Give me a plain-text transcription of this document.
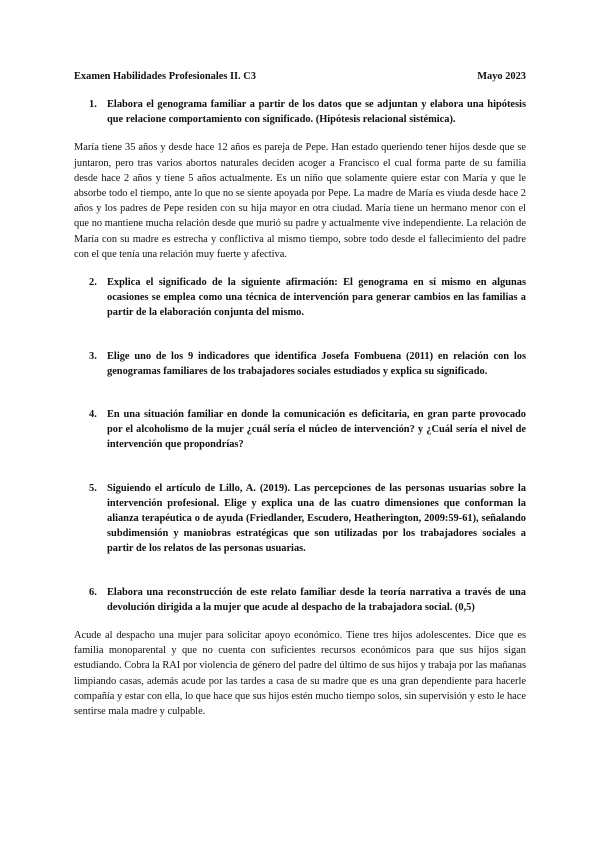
Examen Habilidades Profesionales II. C3	Mayo 2023
1. Elabora el genograma familiar a partir de los datos que se adjuntan y elabora una hipótesis que relacione comportamiento con significado. (Hipótesis relacional sistémica).
María tiene 35 años y desde hace 12 años es pareja de Pepe. Han estado queriendo tener hijos desde que se juntaron, pero tras varios abortos naturales deciden acoger a Francisco el cual forma parte de su familia desde hace 2 años y tiene 5 años actualmente. Es un niño que solamente quiere estar con María y que le absorbe todo el tiempo, ante lo que no se siente apoyada por Pepe. La madre de María es viuda desde hace 2 años y los padres de Pepe residen con su hija mayor en otra ciudad. María tiene un hermano menor con el que no mantiene mucha relación desde que murió su padre y actualmente vive independiente. La relación de María con su madre es estrecha y conflictiva al mismo tiempo, sobre todo desde el fallecimiento del padre con el que tenía una relación muy fuerte y afectiva.
2. Explica el significado de la siguiente afirmación: El genograma en sí mismo en algunas ocasiones se emplea como una técnica de intervención para generar cambios en las familias a partir de la elaboración conjunta del mismo.
3. Elige uno de los 9 indicadores que identifica Josefa Fombuena (2011) en relación con los genogramas familiares de los trabajadores sociales estudiados y explica su significado.
4. En una situación familiar en donde la comunicación es deficitaria, en gran parte provocado por el alcoholismo de la mujer ¿cuál sería el núcleo de intervención? y ¿Cuál sería el nivel de intervención que propondrías?
5. Siguiendo el artículo de Lillo, A. (2019). Las percepciones de las personas usuarias sobre la intervención profesional. Elige y explica una de las cuatro dimensiones que conforman la alianza terapéutica o de ayuda (Friedlander, Escudero, Heatherington, 2009:59-61), señalando subdimensión y maniobras estratégicas que son utilizadas por los trabajadores sociales a partir de los relatos de las personas usuarias.
6. Elabora una reconstrucción de este relato familiar desde la teoría narrativa a través de una devolución dirigida a la mujer que acude al despacho de la trabajadora social. (0,5)
Acude al despacho una mujer para solicitar apoyo económico. Tiene tres hijos adolescentes. Dice que es familia monoparental y que no cuenta con suficientes recursos económicos para que sus hijos sigan estudiando. Cobra la RAI por violencia de género del padre del último de sus hijos y trabaja por las mañanas limpiando casas, además acude por las tardes a casa de su madre que es una gran dependiente para hacerle compañía y estar con ella, lo que hace que sus hijos estén mucho tiempo solos, sin supervisión y esto le hace sentirse mala madre y culpable.
